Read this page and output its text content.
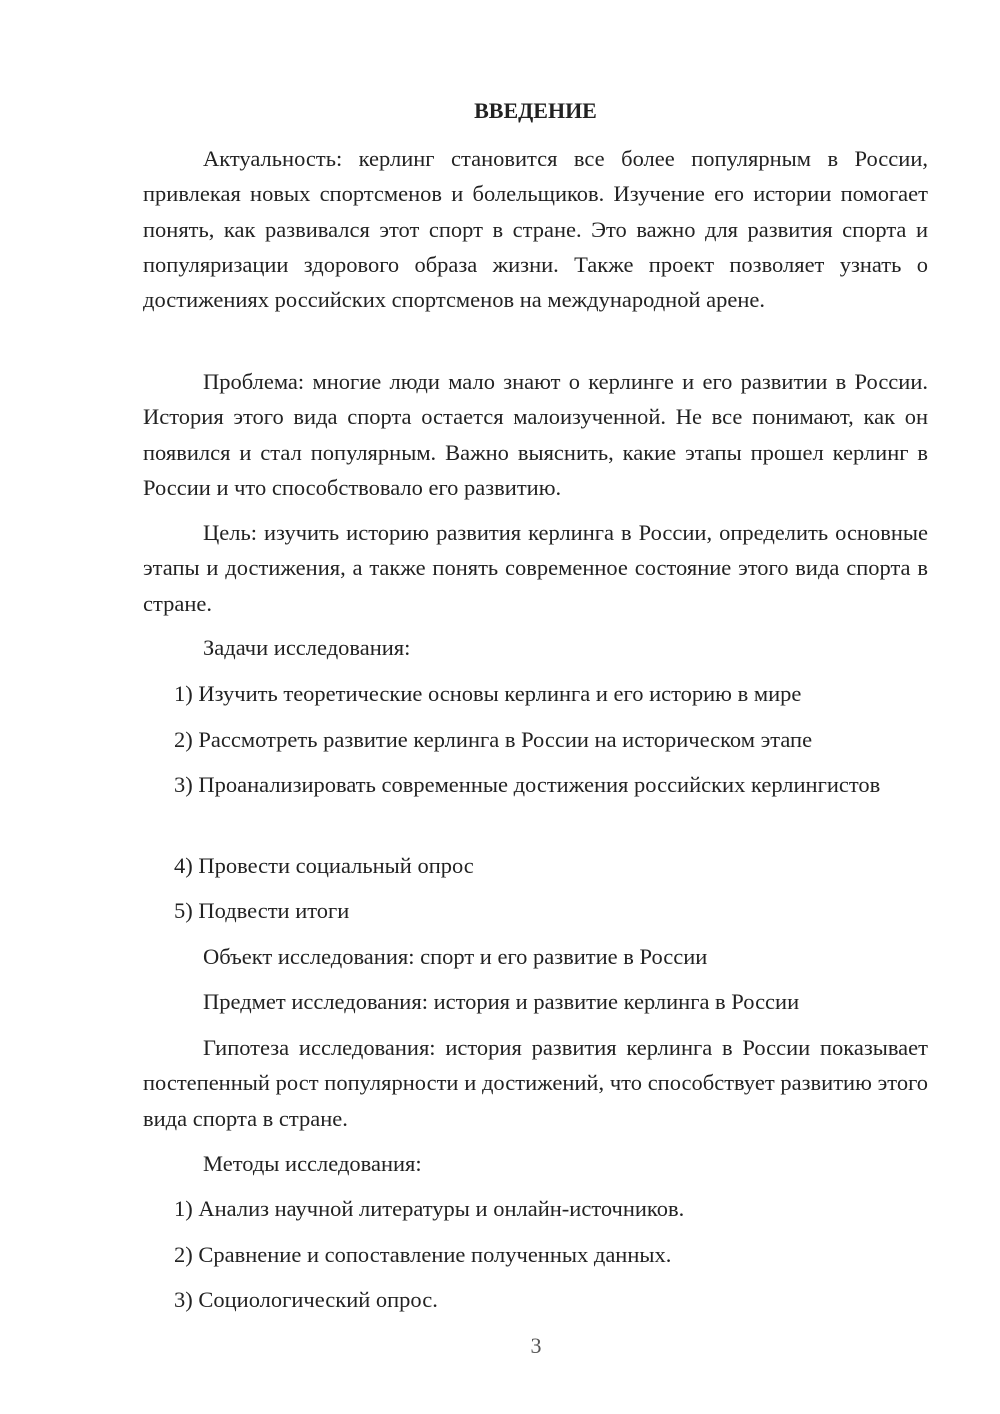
ВВЕДЕНИЕ

Актуальность: керлинг становится все более популярным в России, привлекая новых спортсменов и болельщиков. Изучение его истории помогает понять, как развивался этот спорт в стране. Это важно для развития спорта и популяризации здорового образа жизни. Также проект позволяет узнать о достижениях российских спортсменов на международной арене.

Проблема: многие люди мало знают о керлинге и его развитии в России. История этого вида спорта остается малоизученной. Не все понимают, как он появился и стал популярным. Важно выяснить, какие этапы прошел керлинг в России и что способствовало его развитию.

Цель: изучить историю развития керлинга в России, определить основные этапы и достижения, а также понять современное состояние этого вида спорта в стране.

Задачи исследования:

1) Изучить теоретические основы керлинга и его историю в мире

2) Рассмотреть развитие керлинга в России на историческом этапе

3) Проанализировать современные достижения российских керлингистов

4) Провести социальный опрос

5) Подвести итоги

Объект исследования: спорт и его развитие в России

Предмет исследования: история и развитие керлинга в России

Гипотеза исследования: история развития керлинга в России показывает постепенный рост популярности и достижений, что способствует развитию этого вида спорта в стране.

Методы исследования:

1) Анализ научной литературы и онлайн-источников.

2) Сравнение и сопоставление полученных данных.

3) Социологический опрос.

3
